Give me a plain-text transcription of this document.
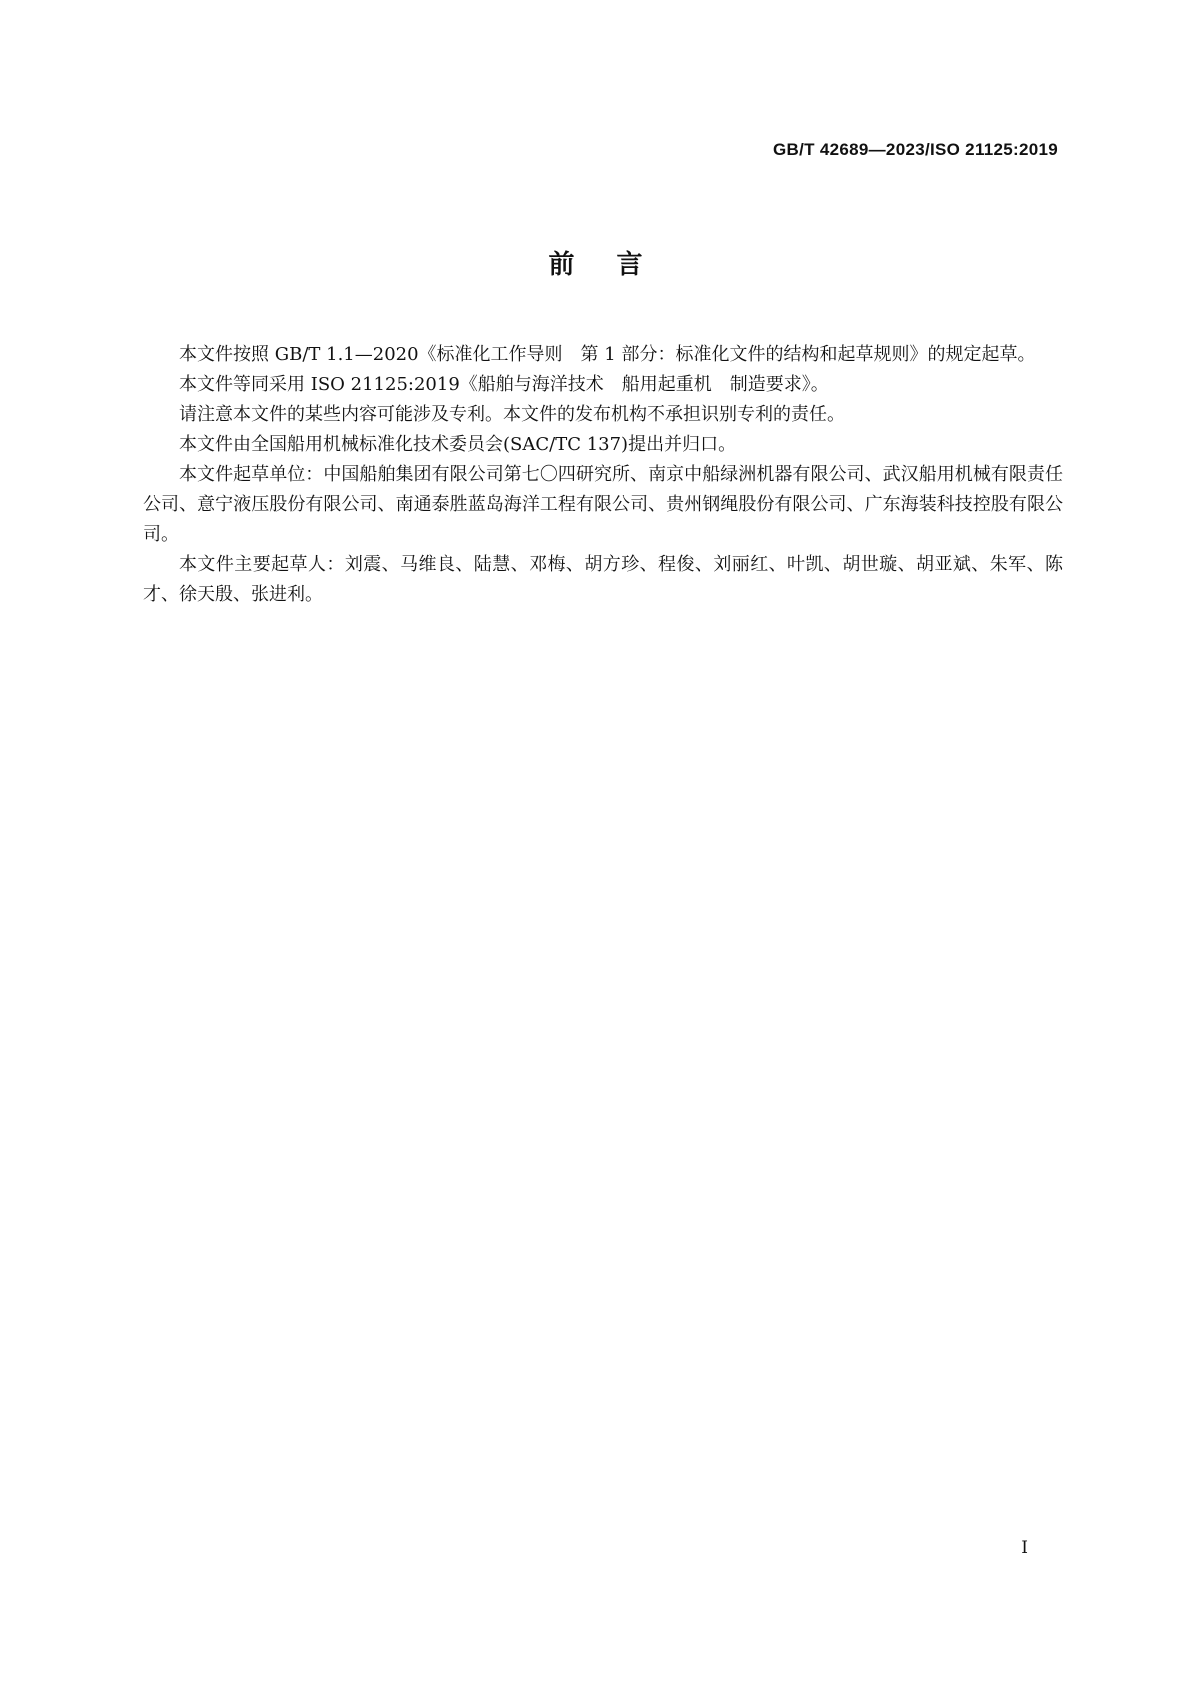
GB/T 42689—2023/ISO 21125:2019
前言

本文件按照 GB/T 1.1—2020《标准化工作导则　第 1 部分：标准化文件的结构和起草规则》的规定起草。

本文件等同采用 ISO 21125:2019《船舶与海洋技术　船用起重机　制造要求》。

请注意本文件的某些内容可能涉及专利。本文件的发布机构不承担识别专利的责任。

本文件由全国船用机械标准化技术委员会(SAC/TC 137)提出并归口。

本文件起草单位：中国船舶集团有限公司第七〇四研究所、南京中船绿洲机器有限公司、武汉船用机械有限责任公司、意宁液压股份有限公司、南通泰胜蓝岛海洋工程有限公司、贵州钢绳股份有限公司、广东海装科技控股有限公司。

本文件主要起草人：刘震、马维良、陆慧、邓梅、胡方珍、程俊、刘丽红、叶凯、胡世璇、胡亚斌、朱军、陈才、徐天殷、张进利。

I
